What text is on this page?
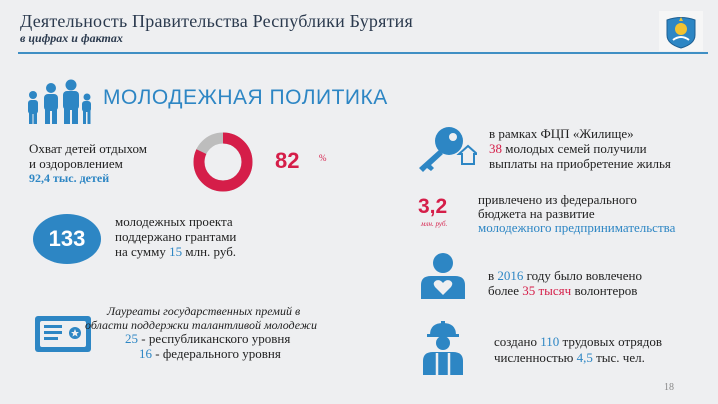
Деятельность Правительства Республики Бурятия
в цифрах и фактах
МОЛОДЕЖНАЯ ПОЛИТИКА
Охват детей отдыхом
и оздоровлением
92,4 тыс. детей
82 %
133
молодежных проекта
поддержано грантами
на сумму 15 млн. руб.
Лауреаты государственных премий в
области поддержки талантливой молодежи
25 - республиканского уровня
16 - федерального уровня
в рамках ФЦП «Жилище»
38 молодых семей получили
выплаты на приобретение жилья
3,2
млн. руб.
привлечено из федерального
бюджета на развитие
молодежного предпринимательства
в 2016 году было вовлечено
более 35 тысяч волонтеров
создано 110 трудовых отрядов
численностью 4,5 тыс. чел.
18
